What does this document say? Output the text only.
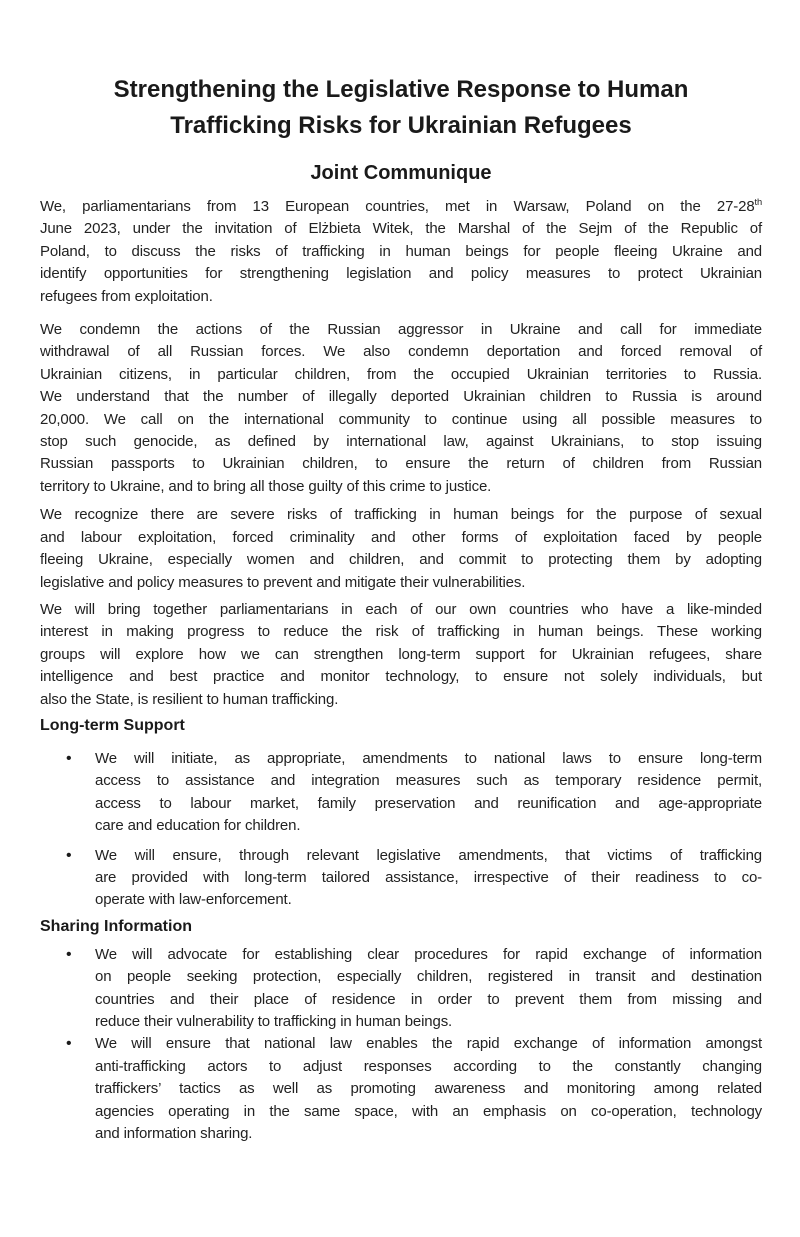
Strengthening the Legislative Response to Human
Trafficking Risks for Ukrainian Refugees
Joint Communique
We, parliamentarians from 13 European countries, met in Warsaw, Poland on the 27-28th
June 2023, under the invitation of Elżbieta Witek, the Marshal of the Sejm of the Republic of
Poland, to discuss the risks of trafficking in human beings for people fleeing Ukraine and
identify opportunities for strengthening legislation and policy measures to protect Ukrainian
refugees from exploitation.
We condemn the actions of the Russian aggressor in Ukraine and call for immediate
withdrawal of all Russian forces. We also condemn deportation and forced removal of
Ukrainian citizens, in particular children, from the occupied Ukrainian territories to Russia.
We understand that the number of illegally deported Ukrainian children to Russia is around
20,000. We call on the international community to continue using all possible measures to
stop such genocide, as defined by international law, against Ukrainians, to stop issuing
Russian passports to Ukrainian children, to ensure the return of children from Russian
territory to Ukraine, and to bring all those guilty of this crime to justice.
We recognize there are severe risks of trafficking in human beings for the purpose of sexual
and labour exploitation, forced criminality and other forms of exploitation faced by people
fleeing Ukraine, especially women and children, and commit to protecting them by adopting
legislative and policy measures to prevent and mitigate their vulnerabilities.
We will bring together parliamentarians in each of our own countries who have a like-minded
interest in making progress to reduce the risk of trafficking in human beings. These working
groups will explore how we can strengthen long-term support for Ukrainian refugees, share
intelligence and best practice and monitor technology, to ensure not solely individuals, but
also the State, is resilient to human trafficking.
Long-term Support
•	We will initiate, as appropriate, amendments to national laws to ensure long-term
access to assistance and integration measures such as temporary residence permit,
access to labour market, family preservation and reunification and age-appropriate
care and education for children.
•	We will ensure, through relevant legislative amendments, that victims of trafficking
are provided with long-term tailored assistance, irrespective of their readiness to co-
operate with law-enforcement.
Sharing Information
•	We will advocate for establishing clear procedures for rapid exchange of information
on people seeking protection, especially children, registered in transit and destination
countries and their place of residence in order to prevent them from missing and
reduce their vulnerability to trafficking in human beings.
•	We will ensure that national law enables the rapid exchange of information amongst
anti-trafficking actors to adjust responses according to the constantly changing
traffickers’ tactics as well as promoting awareness and monitoring among related
agencies operating in the same space, with an emphasis on co-operation, technology
and information sharing.
